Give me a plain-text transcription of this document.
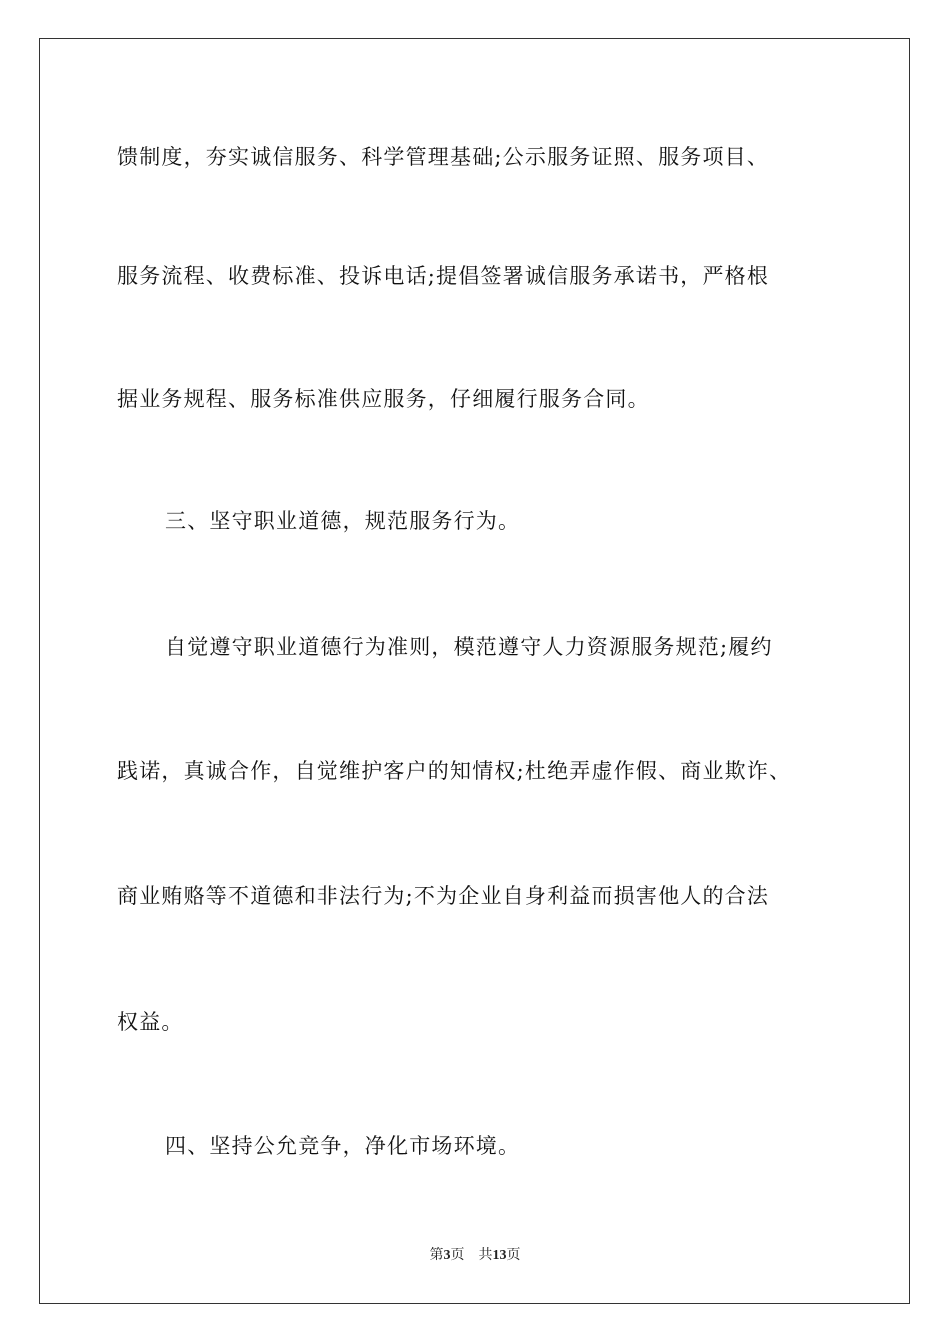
馈制度，夯实诚信服务、科学管理基础;公示服务证照、服务项目、
服务流程、收费标准、投诉电话;提倡签署诚信服务承诺书，严格根
据业务规程、服务标准供应服务，仔细履行服务合同。
三、坚守职业道德，规范服务行为。
自觉遵守职业道德行为准则，模范遵守人力资源服务规范;履约
践诺，真诚合作，自觉维护客户的知情权;杜绝弄虚作假、商业欺诈、
商业贿赂等不道德和非法行为;不为企业自身利益而损害他人的合法
权益。
四、坚持公允竞争，净化市场环境。
第3页 共13页
